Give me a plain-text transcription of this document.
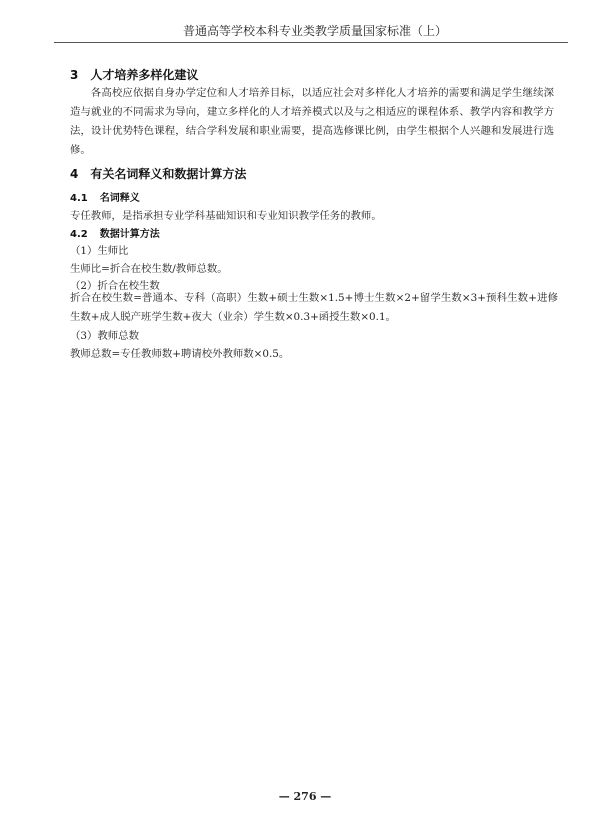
普通高等学校本科专业类教学质量国家标准（上）
3 人才培养多样化建议
各高校应依据自身办学定位和人才培养目标，以适应社会对多样化人才培养的需要和满足学生继续深造与就业的不同需求为导向，建立多样化的人才培养模式以及与之相适应的课程体系、教学内容和教学方法，设计优势特色课程，结合学科发展和职业需要，提高选修课比例，由学生根据个人兴趣和发展进行选修。
4 有关名词释义和数据计算方法
4.1 名词释义
专任教师，是指承担专业学科基础知识和专业知识教学任务的教师。
4.2 数据计算方法
（1）生师比
生师比=折合在校生数/教师总数。
（2）折合在校生数
折合在校生数=普通本、专科（高职）生数+硕士生数×1.5+博士生数×2+留学生数×3+预科生数+进修生数+成人脱产班学生数+夜大（业余）学生数×0.3+函授生数×0.1。
（3）教师总数
教师总数=专任教师数+聘请校外教师数×0.5。
— 276 —
